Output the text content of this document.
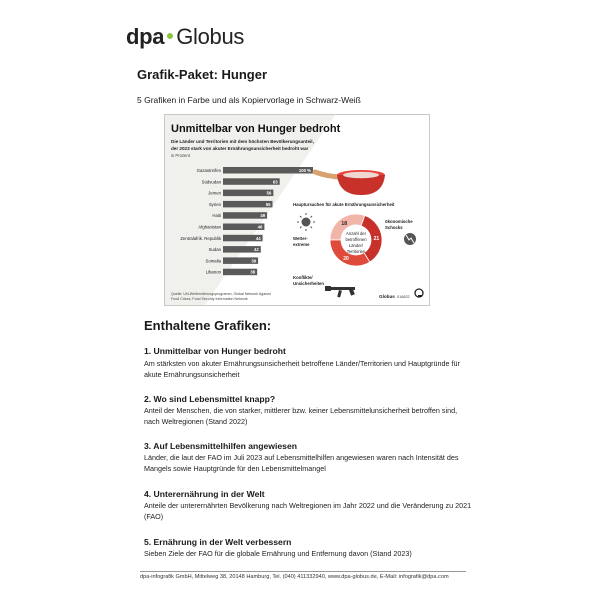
dpa Globus
Grafik-Paket: Hunger
5 Grafiken in Farbe und als Kopiervorlage in Schwarz-Weiß
Unmittelbar von Hunger bedroht
Die Länder und Territorien mit dem höchsten Bevölkerungsanteil,
der 2023 stark von akuter Ernährungsunsicherheit bedroht war
in Prozent
Gazastreifen	100 %
Südsudan	63
Jemen	56
Syrien	55
Haiti	49
Afghanistan	46
Zentralafrik. Republik	44
Sudan	42
Somalia	39
Libanon	38
Hauptursachen für akute Ernährungsunsicherheit
Wetter-
extreme
18
21
20
Anzahl der
betroffenen
Länder/
Territorien
ökonomische
Schocks
Konflikte/
Unsicherheiten
Quelle: UN-Welternährungsprogramm, Global Network Against
Food Crises, Food Security Information Network	Globus 016822
Enthaltene Grafiken:
1. Unmittelbar von Hunger bedroht
Am stärksten von akuter Ernährungsunsicherheit betroffene Länder/Territorien und Hauptgründe für akute Ernährungsunsicherheit
2. Wo sind Lebensmittel knapp?
Anteil der Menschen, die von starker, mittlerer bzw. keiner Lebensmittelunsicherheit betroffen sind, nach Weltregionen (Stand 2022)
3. Auf Lebensmittelhilfen angewiesen
Länder, die laut der FAO im Juli 2023 auf Lebensmittelhilfen angewiesen waren nach Intensität des Mangels sowie Hauptgründe für den Lebensmittelmangel
4. Unterernährung in der Welt
Anteile der unterernährten Bevölkerung nach Weltregionen im Jahr 2022 und die Veränderung zu 2021 (FAO)
5. Ernährung in der Welt verbessern
Sieben Ziele der FAO für die globale Ernährung und Entfernung davon (Stand 2023)
dpa-infografik GmbH, Mittelweg 38, 20148 Hamburg, Tel. (040) 411332940, www.dpa-globus.de, E-Mail: infografik@dpa.com
